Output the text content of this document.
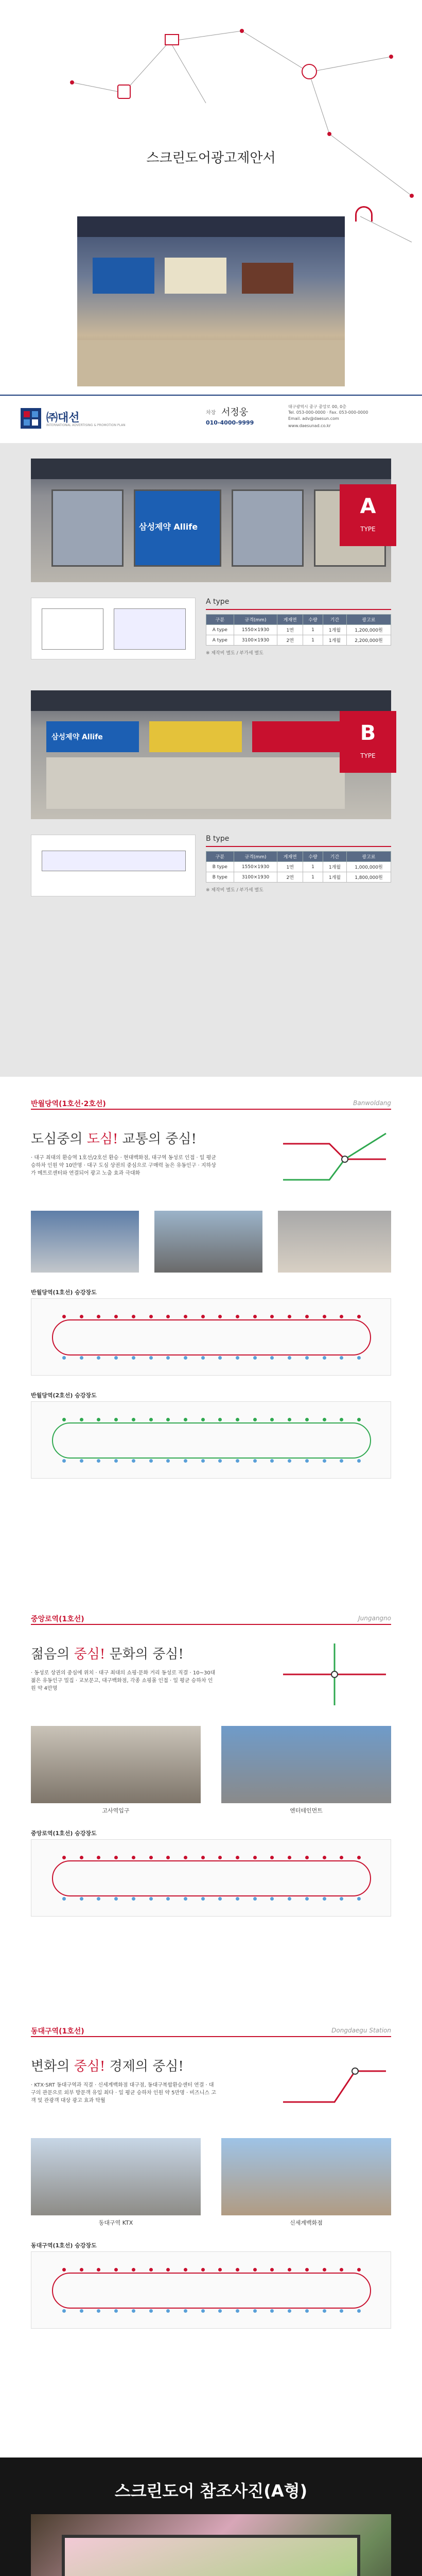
스크린도어광고제안서
㈜대선
INTERNATIONAL ADVERTISING & PROMOTION PLAN
차장 서정웅
010-4000-9999
대구광역시 중구 중앙로 00, 0층
Tel. 053-000-0000 · Fax. 053-000-0000
Email. adv@daesun.com
www.daesunad.co.kr
삼성제약 Allife
A
TYPE
A type
구분	규격(mm)	게재면	수량	기간	광고료
A type	1550×1930	1면	1	1개월	1,200,000원
A type	3100×1930	2면	1	1개월	2,200,000원
※ 제작비 별도 / 부가세 별도
삼성제약 Allife	B
TYPE
B type
구분	규격(mm)	게재면	수량	기간	광고료
B type	1550×1930	1면	1	1개월	1,000,000원
B type	3100×1930	2면	1	1개월	1,800,000원
※ 제작비 별도 / 부가세 별도
반월당역(1호선·2호선)	Banwoldang
도심중의 도심! 교통의 중심!
· 대구 최대의 환승역 1호선/2호선 환승 · 현대백화점, 대구역 동성로 인접 · 일 평균 승하차 인원 약 10만명 · 대구 도심 상권의 중심으로 구매력 높은 유동인구 · 지하상가 메트로센터와 연결되어 광고 노출 효과 극대화
반월당역(1호선) 승강장도
반월당역(2호선) 승강장도
중앙로역(1호선)	Jungangno
젊음의 중심! 문화의 중심!
· 동성로 상권의 중심에 위치 · 대구 최대의 쇼핑·문화 거리 동성로 직결 · 10~30대 젊은 유동인구 밀집 · 교보문고, 대구백화점, 각종 쇼핑몰 인접 · 일 평균 승하차 인원 약 4만명
고사역입구	엔터테인먼트
중앙로역(1호선) 승강장도
동대구역(1호선)	Dongdaegu Station
변화의 중심! 경제의 중심!
· KTX·SRT 동대구역과 직결 · 신세계백화점 대구점, 동대구복합환승센터 연결 · 대구의 관문으로 외부 방문객 유입 최다 · 일 평균 승하차 인원 약 5만명 · 비즈니스 고객 및 관광객 대상 광고 효과 탁월
동대구역 KTX	신세계백화점
동대구역(1호선) 승강장도
스크린도어 참조사진(A형)
